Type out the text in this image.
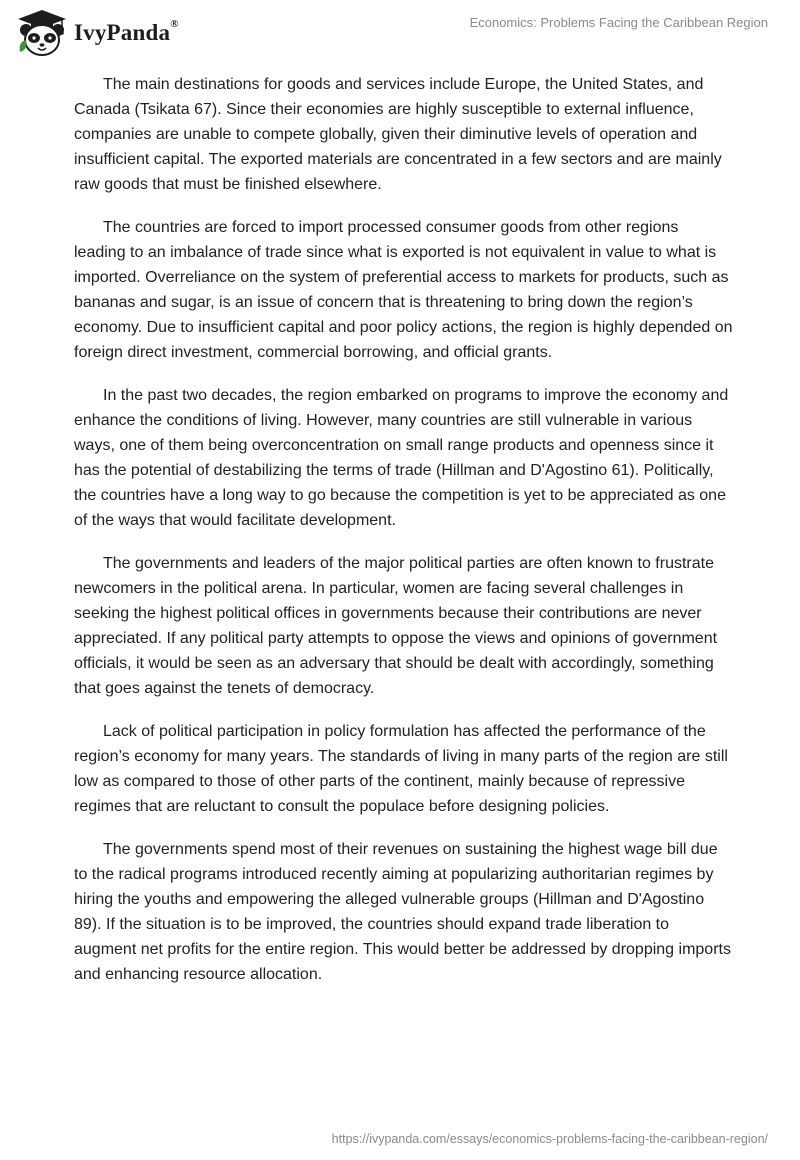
IvyPanda®	Economics: Problems Facing the Caribbean Region

The main destinations for goods and services include Europe, the United States, and Canada (Tsikata 67). Since their economies are highly susceptible to external influence, companies are unable to compete globally, given their diminutive levels of operation and insufficient capital. The exported materials are concentrated in a few sectors and are mainly raw goods that must be finished elsewhere.

The countries are forced to import processed consumer goods from other regions leading to an imbalance of trade since what is exported is not equivalent in value to what is imported. Overreliance on the system of preferential access to markets for products, such as bananas and sugar, is an issue of concern that is threatening to bring down the region’s economy. Due to insufficient capital and poor policy actions, the region is highly depended on foreign direct investment, commercial borrowing, and official grants.

In the past two decades, the region embarked on programs to improve the economy and enhance the conditions of living. However, many countries are still vulnerable in various ways, one of them being overconcentration on small range products and openness since it has the potential of destabilizing the terms of trade (Hillman and D'Agostino 61). Politically, the countries have a long way to go because the competition is yet to be appreciated as one of the ways that would facilitate development.

The governments and leaders of the major political parties are often known to frustrate newcomers in the political arena. In particular, women are facing several challenges in seeking the highest political offices in governments because their contributions are never appreciated. If any political party attempts to oppose the views and opinions of government officials, it would be seen as an adversary that should be dealt with accordingly, something that goes against the tenets of democracy.

Lack of political participation in policy formulation has affected the performance of the region’s economy for many years. The standards of living in many parts of the region are still low as compared to those of other parts of the continent, mainly because of repressive regimes that are reluctant to consult the populace before designing policies.

The governments spend most of their revenues on sustaining the highest wage bill due to the radical programs introduced recently aiming at popularizing authoritarian regimes by hiring the youths and empowering the alleged vulnerable groups (Hillman and D'Agostino 89). If the situation is to be improved, the countries should expand trade liberation to augment net profits for the entire region. This would better be addressed by dropping imports and enhancing resource allocation.

https://ivypanda.com/essays/economics-problems-facing-the-caribbean-region/
